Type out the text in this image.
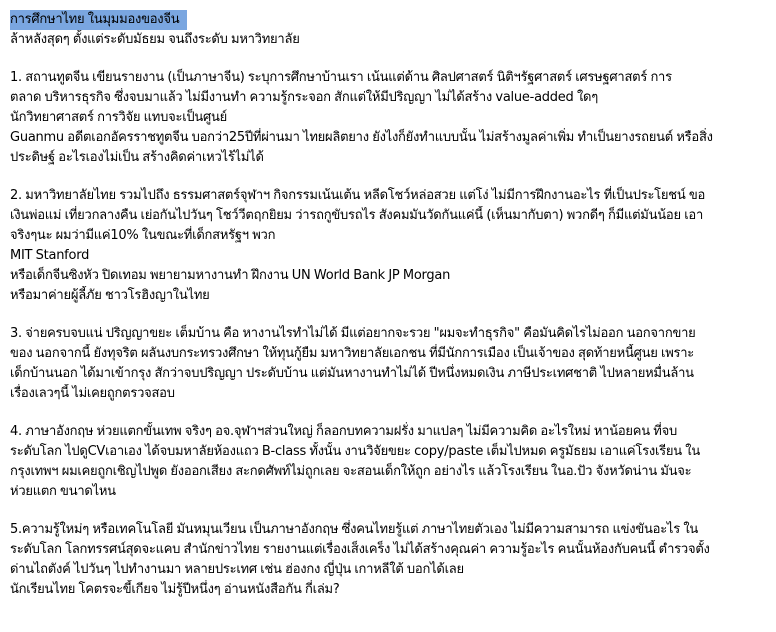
การศึกษาไทย ในมุมมองของจีน
ล้าหลังสุดๆ ตั้งแต่ระดับมัธยม จนถึงระดับ มหาวิทยาลัย
1. สถานทูตจีน เขียนรายงาน (เป็นภาษาจีน) ระบุการศึกษาบ้านเรา เน้นแต่ด้าน ศิลปศาสตร์ นิติฯรัฐศาสตร์ เศรษฐศาสตร์ การ
ตลาด บริหารธุรกิจ ซึ่งจบมาแล้ว ไม่มีงานทำ ความรู้กระจอก สักแต่ให้มีปริญญา ไม่ได้สร้าง value-added ใดๆ
นักวิทยาศาสตร์ การวิจัย แทบจะเป็นศูนย์
Guanmu อดีตเอกอัครราชทูตจีน บอกว่า25ปีที่ผ่านมา ไทยผลิตยาง ยังไงก็ยังทำแบบนั้น ไม่สร้างมูลค่าเพิ่ม ทำเป็นยางรถยนต์ หรือสิ่ง
ประดิษฐ์ อะไรเองไม่เป็น สร้างคิดค่าเหวไร้ไม่ได้
2. มหาวิทยาลัยไทย รวมไปถึง ธรรมศาสตร์จุฬาฯ กิจกรรมเน้นเต้น หลีดโชว์หล่อสวย แต่โง่ ไม่มีการฝึกงานอะไร ที่เป็นประโยชน์ ขอ
เงินพ่อแม่ เที่ยวกลางคืน เย่อกันไปวันๆ โชว์วีตฤกยิยม ว่ารถกูขับรถไร สังคมมันวัดกันแค่นี้ (เห็นมากับตา) พวกดีๆ ก็มีแต่มันน้อย เอา
จริงๆนะ ผมว่ามีแค่10% ในขณะที่เด็กสหรัฐฯ พวก
MIT Stanford
หรือเด็กจีนซิงหัว ปิดเทอม พยายามหางานทำ ฝึกงาน UN World Bank JP Morgan
หรือมาค่ายผู้ลี้ภัย ชาวโรฮิงญาในไทย
3. จ่ายครบจบแน่ ปริญญาขยะ เต็มบ้าน คือ หางานไรทำไม่ได้ มีแต่อยากจะรวย "ผมจะทำธุรกิจ" คือมันคิดไรไม่ออก นอกจากขาย
ของ นอกจากนี้ ยังทุจริต ผลันงบกระทรวงศึกษา ให้ทุนกู้ยืม มหาวิทยาลัยเอกชน ที่มีนักการเมือง เป็นเจ้าของ สุดท้ายหนี้ศูนย เพราะ
เด็กบ้านนอก ได้มาเข้ากรุง สักว่าจบปริญญา ประดับบ้าน แต่มันหางานทำไม่ได้ ปีหนึ่งหมดเงิน ภาษีประเทศชาติ ไปหลายหมื่นล้าน
เรื่องเลวๆนี้ ไม่เคยถูกตรวจสอบ
4. ภาษาอังกฤษ ห่วยแตกขั้นเทพ จริงๆ อจ.จุฬาฯส่วนใหญ่ ก็ลอกบทความฝรั่ง มาแปลๆ ไม่มีความคิด อะไรใหม่ หาน้อยคน ที่จบ
ระดับโลก ไปดูCVเอาเอง ได้จบมหาลัยห้องแถว B-class ทั้งนั้น งานวิจัยขยะ copy/paste เต็มไปหมด ครูมัธยม เอาแค่โรงเรียน ใน
กรุงเทพฯ ผมเคยถูกเชิญไปพูด ยังออกเสียง สะกดศัพท์ไม่ถูกเลย จะสอนเด็กให้ถูก อย่างไร แล้วโรงเรียน ในอ.ปัว จังหวัดน่าน มันจะ
ห่วยแตก ขนาดไหน
5.ความรู้ใหม่ๆ หรือเทคโนโลยี มันหมุนเวียน เป็นภาษาอังกฤษ ซึ่งคนไทยรู้แต่ ภาษาไทยตัวเอง ไม่มีความสามารถ แข่งขันอะไร ใน
ระดับโลก โลกทรรศน์สุดจะแคบ สำนักข่าวไทย รายงานแต่เรื่องเส็งเคร็ง ไม่ได้สร้างคุณค่า ความรู้อะไร คนนั้นห้องกับคนนี้ ตำรวจตั้ง
ด่านไถตังค์ ไปวันๆ ไปทำงานมา หลายประเทศ เช่น ฮ่องกง ญี่ปุ่น เกาหลีใต้ บอกได้เลย
นักเรียนไทย โคตรจะขี้เกียจ ไม่รู้ปีหนึ่งๆ อ่านหนังสือกัน กี่เล่ม?
